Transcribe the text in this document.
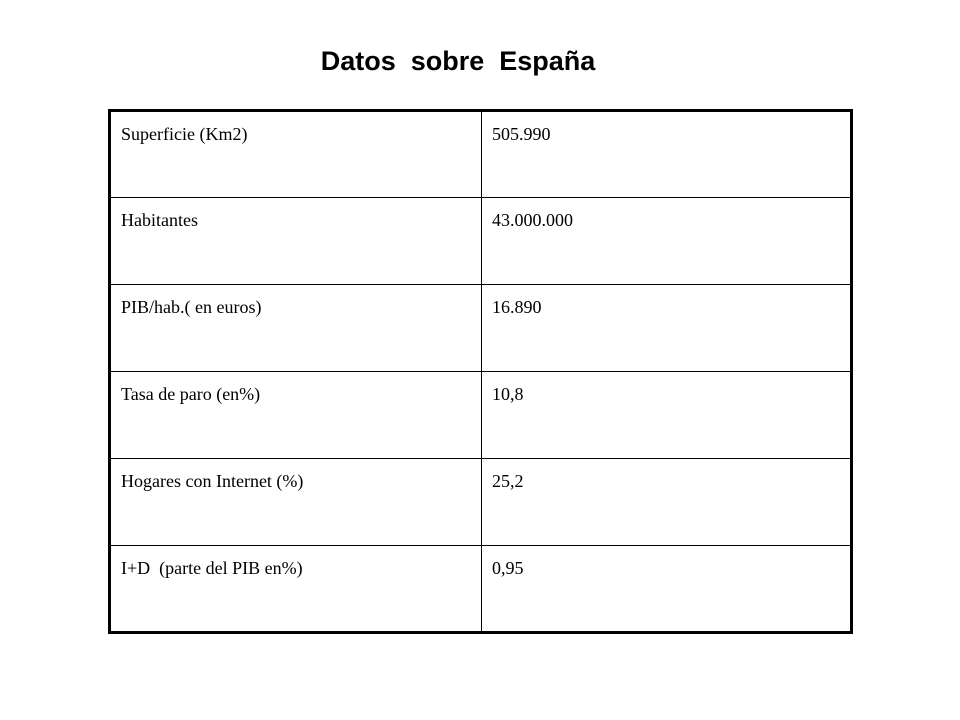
Datos  sobre  España
Superficie (Km2)	505.990
Habitantes	43.000.000
PIB/hab.( en euros)	16.890
Tasa de paro (en%)	10,8
Hogares con Internet (%)	25,2
I+D  (parte del PIB en%)	0,95
